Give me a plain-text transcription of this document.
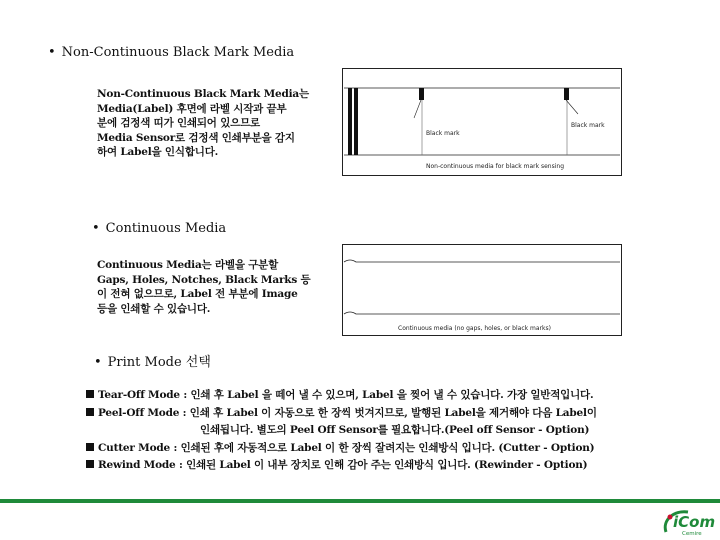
• Non-Continuous Black Mark Media
Non-Continuous Black Mark Media는
Media(Label) 후면에 라벨 시작과 끝부
분에 검정색 띠가 인쇄되어 있으므로
Media Sensor로 검정색 인쇄부분을 감지
하여 Label을 인식합니다.
Black mark
Black mark
Non-continuous media for black mark sensing
• Continuous Media
Continuous Media는 라벨을 구분할
Gaps, Holes, Notches, Black Marks 등
이 전혀 없으므로, Label 전 부분에 Image
등을 인쇄할 수 있습니다.
Continuous media (no gaps, holes, or black marks)
• Print Mode 선택
Tear-Off Mode : 인쇄 후 Label 을 떼어 낼 수 있으며, Label 을 찢어 낼 수 있습니다. 가장 일반적입니다.
Peel-Off Mode : 인쇄 후 Label 이 자동으로 한 장씩 벗겨지므로, 발행된 Label을 제거해야 다음 Label이
인쇄됩니다. 별도의 Peel Off Sensor를 필요합니다.(Peel off Sensor - Option)
Cutter Mode : 인쇄된 후에 자동적으로 Label 이 한 장씩 잘려지는 인쇄방식 입니다. (Cutter - Option)
Rewind Mode : 인쇄된 Label 이 내부 장치로 인해 감아 주는 인쇄방식 입니다. (Rewinder - Option)
iCom
Cemire
